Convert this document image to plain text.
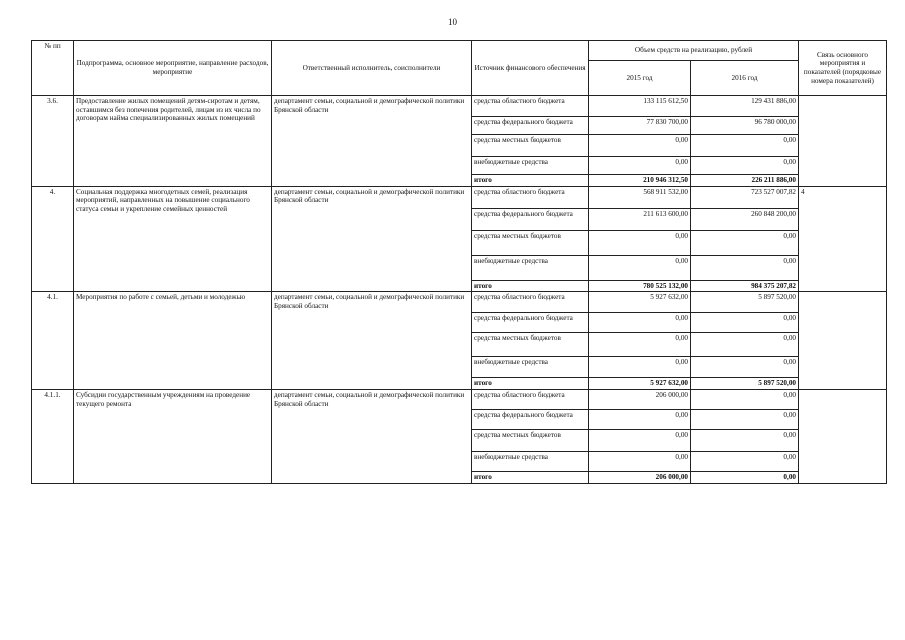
10
№ пп	Подпрограмма, основное мероприятие, направление расходов, мероприятие	Ответственный исполнитель, соисполнители	Источник финансового обеспечения	Объем средств на реализацию, рублей		Связь основного мероприятия и показателей (порядковые номера показателей)
				2015 год	2016 год	
3.6.	Предоставление жилых помещений детям-сиротам и детям, оставшимся без попечения родителей, лицам из их числа по договорам найма специализированных жилых помещений	департамент семьи, социальной и демографической политики Брянской области	средства областного бюджета	133 115 612,50	129 431 886,00	
			средства федерального бюджета	77 830 700,00	96 780 000,00	
			средства местных бюджетов	0,00	0,00	
			внебюджетные средства	0,00	0,00	
			итого	210 946 312,50	226 211 886,00	
4.	Социальная поддержка многодетных семей, реализация мероприятий, направленных на повышение социального статуса семьи и укрепление семейных ценностей	департамент семьи, социальной и демографической политики Брянской области	средства областного бюджета	568 911 532,00	723 527 007,82	4
			средства федерального бюджета	211 613 600,00	260 848 200,00	
			средства местных бюджетов	0,00	0,00	
			внебюджетные средства	0,00	0,00	
			итого	780 525 132,00	984 375 207,82	
4.1.	Мероприятия по работе с семьей, детьми и молодежью	департамент семьи, социальной и демографической политики Брянской области	средства областного бюджета	5 927 632,00	5 897 520,00	
			средства федерального бюджета	0,00	0,00	
			средства местных бюджетов	0,00	0,00	
			внебюджетные средства	0,00	0,00	
			итого	5 927 632,00	5 897 520,00	
4.1.1.	Субсидии государственным учреждениям на проведение текущего ремонта	департамент семьи, социальной и демографической политики Брянской области	средства областного бюджета	206 000,00	0,00	
			средства федерального бюджета	0,00	0,00	
			средства местных бюджетов	0,00	0,00	
			внебюджетные средства	0,00	0,00	
			итого	206 000,00	0,00	
